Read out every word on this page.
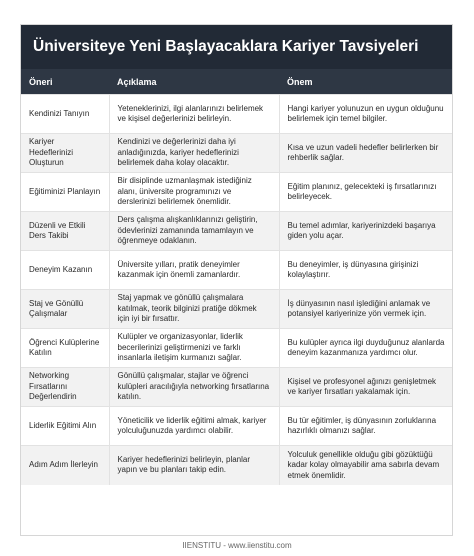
Üniversiteye Yeni Başlayacaklara Kariyer Tavsiyeleri
Öneri	Açıklama	Önem
Kendinizi Tanıyın	Yeteneklerinizi, ilgi alanlarınızı belirlemek ve kişisel değerlerinizi belirleyin.	Hangi kariyer yolunuzun en uygun olduğunu belirlemek için temel bilgiler.
Kariyer Hedeflerinizi Oluşturun	Kendinizi ve değerlerinizi daha iyi anladığınızda, kariyer hedeflerinizi belirlemek daha kolay olacaktır.	Kısa ve uzun vadeli hedefler belirlerken bir rehberlik sağlar.
Eğitiminizi Planlayın	Bir disiplinde uzmanlaşmak istediğiniz alanı, üniversite programınızı ve derslerinizi belirlemek önemlidir.	Eğitim planınız, gelecekteki iş fırsatlarınızı belirleyecek.
Düzenli ve Etkili Ders Takibi	Ders çalışma alışkanlıklarınızı geliştirin, ödevlerinizi zamanında tamamlayın ve öğrenmeye odaklanın.	Bu temel adımlar, kariyerinizdeki başarıya giden yolu açar.
Deneyim Kazanın	Üniversite yılları, pratik deneyimler kazanmak için önemli zamanlardır.	Bu deneyimler, iş dünyasına girişinizi kolaylaştırır.
Staj ve Gönüllü Çalışmalar	Staj yapmak ve gönüllü çalışmalara katılmak, teorik bilginizi pratiğe dökmek için iyi bir fırsattır.	İş dünyasının nasıl işlediğini anlamak ve potansiyel kariyerinize yön vermek için.
Öğrenci Kulüplerine Katılın	Kulüpler ve organizasyonlar, liderlik becerilerinizi geliştirmenizi ve farklı insanlarla iletişim kurmanızı sağlar.	Bu kulüpler ayrıca ilgi duyduğunuz alanlarda deneyim kazanmanıza yardımcı olur.
Networking Fırsatlarını Değerlendirin	Gönüllü çalışmalar, stajlar ve öğrenci kulüpleri aracılığıyla networking fırsatlarına katılın.	Kişisel ve profesyonel ağınızı genişletmek ve kariyer fırsatları yakalamak için.
Liderlik Eğitimi Alın	Yöneticilik ve liderlik eğitimi almak, kariyer yolculuğunuzda yardımcı olabilir.	Bu tür eğitimler, iş dünyasının zorluklarına hazırlıklı olmanızı sağlar.
Adım Adım İlerleyin	Kariyer hedeflerinizi belirleyin, planlar yapın ve bu planları takip edin.	Yolculuk genellikle olduğu gibi gözüktüğü kadar kolay olmayabilir ama sabırla devam etmek önemlidir.
IIENSTITU - www.iienstitu.com
